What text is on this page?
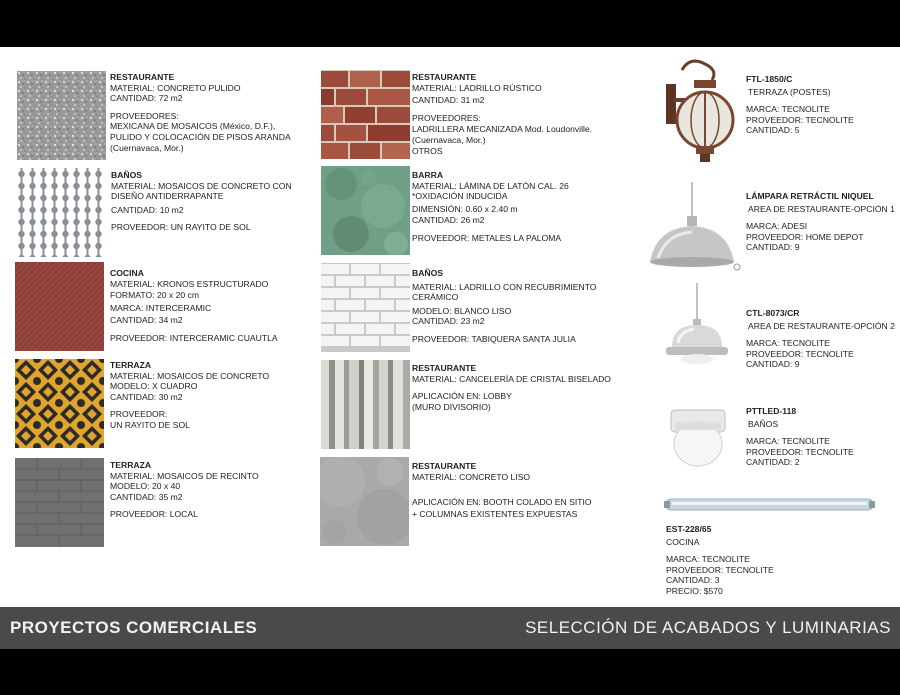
RESTAURANTE
MATERIAL: CONCRETO PULIDO
CANTIDAD: 72 m2
PROVEEDORES:
MEXICANA DE MOSAICOS (México, D.F.),
PULIDO Y COLOCACIÓN DE PISOS ARANDA
(Cuernavaca, Mor.)
BAÑOS
MATERIAL: MOSAICOS DE CONCRETO CON
DISEÑO ANTIDERRAPANTE
CANTIDAD: 10 m2
PROVEEDOR: UN RAYITO DE SOL
COCINA
MATERIAL: KRONOS ESTRUCTURADO
FORMATO: 20 x 20 cm
MARCA: INTERCERAMIC
CANTIDAD: 34 m2
PROVEEDOR: INTERCERAMIC CUAUTLA
TERRAZA
MATERIAL: MOSAICOS DE CONCRETO
MODELO: X CUADRO
CANTIDAD: 30 m2
PROVEEDOR:
UN RAYITO DE SOL
TERRAZA
MATERIAL: MOSAICOS DE RECINTO
MODELO: 20 x 40
CANTIDAD: 35 m2
PROVEEDOR: LOCAL
RESTAURANTE
MATERIAL: LADRILLO RÚSTICO
CANTIDAD: 31 m2
PROVEEDORES:
LADRILLERA MECANIZADA Mod. Loudonville.
(Cuernavaca, Mor.)
OTROS
BARRA
MATERIAL: LÁMINA DE LATÓN CAL. 26
*OXIDACIÓN INDUCIDA
DIMENSIÓN: 0.60 x 2.40 m
CANTIDAD: 26 m2
PROVEEDOR: METALES LA PALOMA
BAÑOS
MATERIAL: LADRILLO CON RECUBRIMIENTO
CERÁMICO
MODELO: BLANCO LISO
CANTIDAD: 23 m2
PROVEEDOR: TABIQUERA SANTA JULIA
RESTAURANTE
MATERIAL: CANCELERÍA DE CRISTAL BISELADO
APLICACIÓN EN: LOBBY
(MURO DIVISORIO)
RESTAURANTE
MATERIAL: CONCRETO LISO
APLICACIÓN EN: BOOTH COLADO EN SITIO
+ COLUMNAS EXISTENTES EXPUESTAS
FTL-1850/C
TERRAZA (POSTES)
MARCA: TECNOLITE
PROVEEDOR: TECNOLITE
CANTIDAD: 5
LÁMPARA RETRÁCTIL NIQUEL
AREA DE RESTAURANTE-OPCIÓN 1
MARCA: ADESI
PROVEEDOR: HOME DEPOT
CANTIDAD: 9
CTL-8073/CR
AREA DE RESTAURANTE-OPCIÓN 2
MARCA: TECNOLITE
PROVEEDOR: TECNOLITE
CANTIDAD: 9
PTTLED-118
BAÑOS
MARCA: TECNOLITE
PROVEEDOR: TECNOLITE
CANTIDAD: 2
EST-228/65
COCINA
MARCA: TECNOLITE
PROVEEDOR: TECNOLITE
CANTIDAD: 3
PRECIO: $570
PROYECTOS COMERCIALES	SELECCIÓN DE ACABADOS Y LUMINARIAS
